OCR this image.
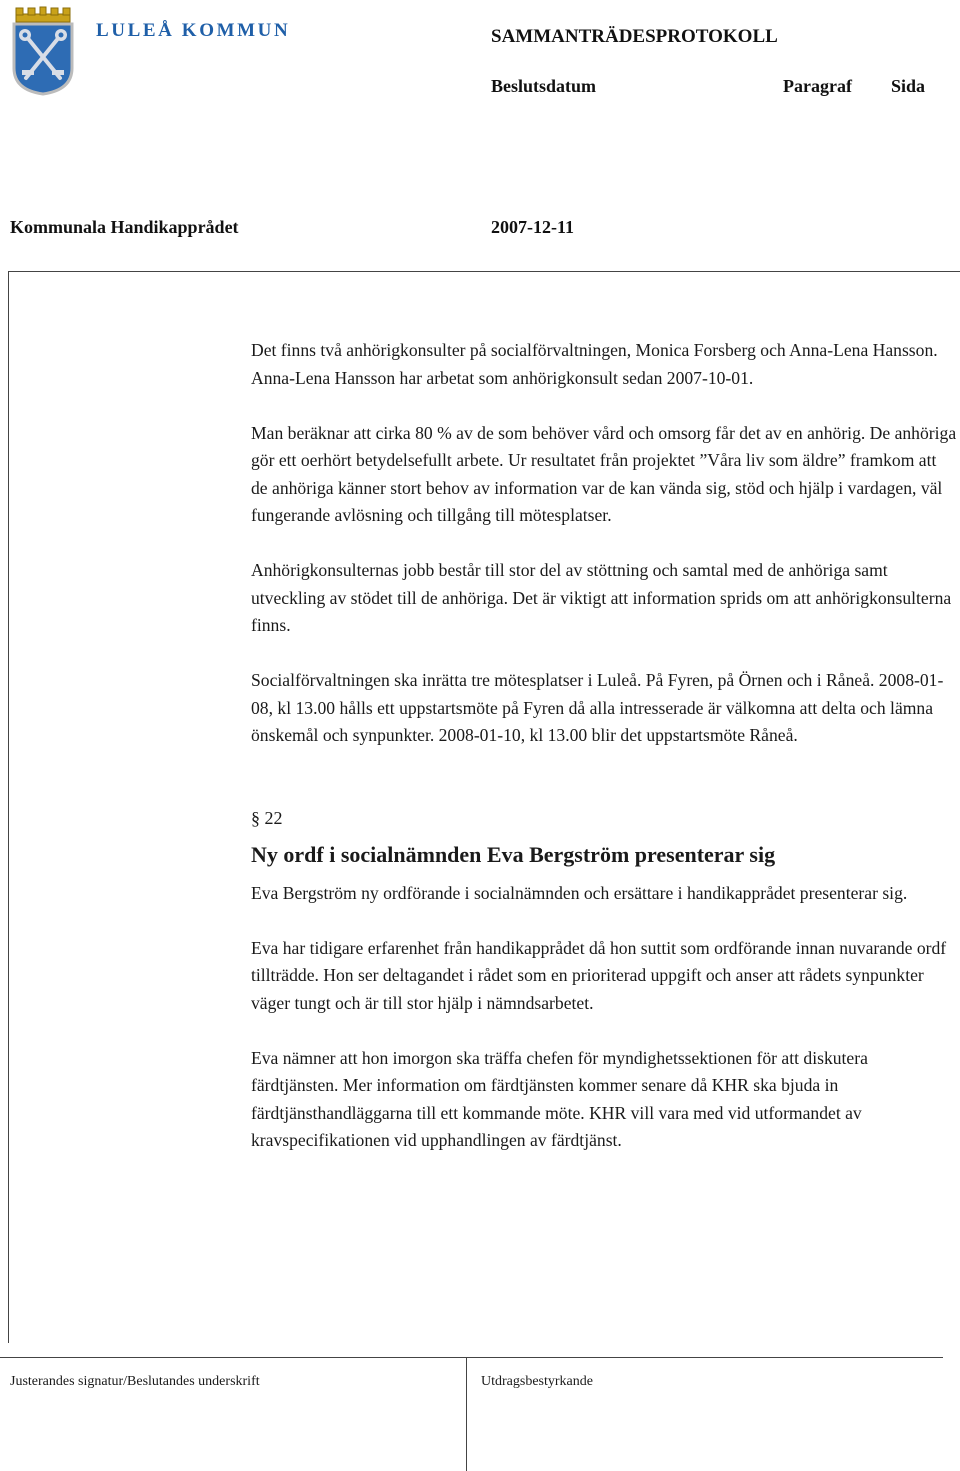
LULEÅ KOMMUN	SAMMANTRÄDESPROTOKOLL
Beslutsdatum	Paragraf Sida
Kommunala Handikapprådet	2007-12-11

Det finns två anhörigkonsulter på socialförvaltningen, Monica Forsberg och Anna-Lena Hansson. Anna-Lena Hansson har arbetat som anhörigkonsult sedan 2007-10-01.

Man beräknar att cirka 80 % av de som behöver vård och omsorg får det av en anhörig. De anhöriga gör ett oerhört betydelsefullt arbete. Ur resultatet från projektet ”Våra liv som äldre” framkom att de anhöriga känner stort behov av information var de kan vända sig, stöd och hjälp i vardagen, väl fungerande avlösning och tillgång till mötesplatser.

Anhörigkonsulternas jobb består till stor del av stöttning och samtal med de anhöriga samt utveckling av stödet till de anhöriga. Det är viktigt att information sprids om att anhörigkonsulterna finns.

Socialförvaltningen ska inrätta tre mötesplatser i Luleå. På Fyren, på Örnen och i Råneå. 2008-01-08, kl 13.00 hålls ett uppstartsmöte på Fyren då alla intresserade är välkomna att delta och lämna önskemål och synpunkter. 2008-01-10, kl 13.00 blir det uppstartsmöte Råneå.

§ 22
Ny ordf i socialnämnden Eva Bergström presenterar sig

Eva Bergström ny ordförande i socialnämnden och ersättare i handikapprådet presenterar sig.

Eva har tidigare erfarenhet från handikapprådet då hon suttit som ordförande innan nuvarande ordf tillträdde. Hon ser deltagandet i rådet som en prioriterad uppgift och anser att rådets synpunkter väger tungt och är till stor hjälp i nämndsarbetet.

Eva nämner att hon imorgon ska träffa chefen för myndighetssektionen för att diskutera färdtjänsten. Mer information om färdtjänsten kommer senare då KHR ska bjuda in färdtjänsthandläggarna till ett kommande möte. KHR vill vara med vid utformandet av kravspecifikationen vid upphandlingen av färdtjänst.

Justerandes signatur/Beslutandes underskrift	Utdragsbestyrkande
